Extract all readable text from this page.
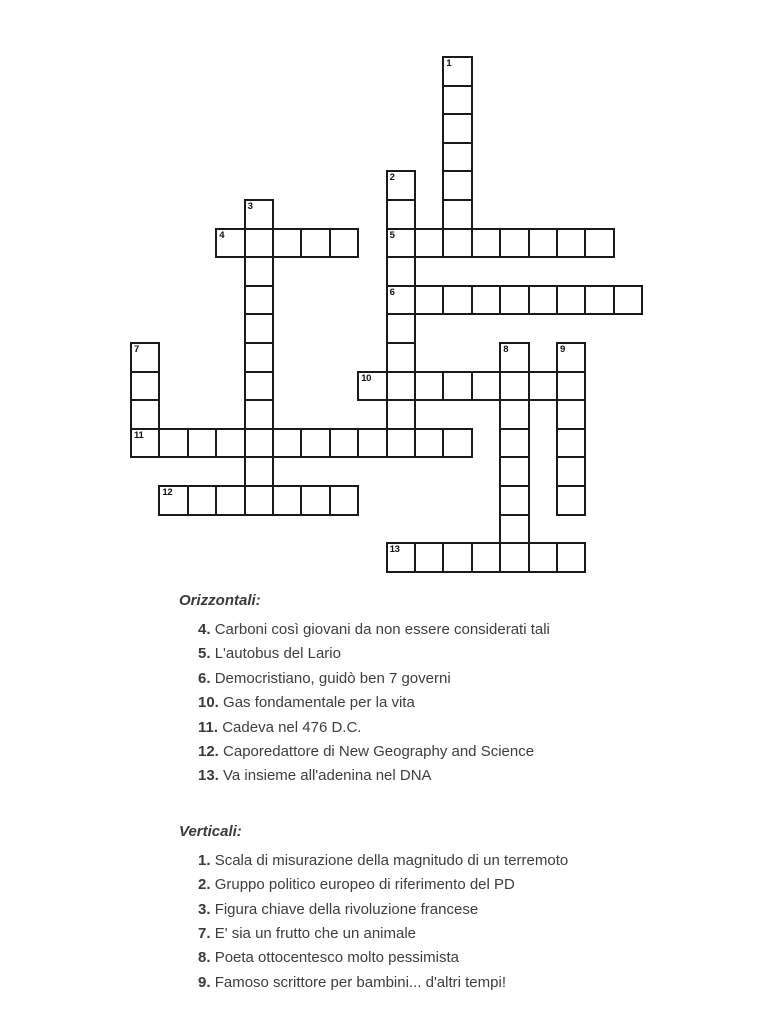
1
2
5
6
3
4
7
11
8	9
10
12
13

Orizzontali:

4. Carboni così giovani da non essere considerati tali
5. L'autobus del Lario
6. Democristiano, guidò ben 7 governi
10. Gas fondamentale per la vita
11. Cadeva nel 476 D.C.
12. Caporedattore di New Geography and Science
13. Va insieme all'adenina nel DNA

Verticali:

1. Scala di misurazione della magnitudo di un terremoto
2. Gruppo politico europeo di riferimento del PD
3. Figura chiave della rivoluzione francese
7. E' sia un frutto che un animale
8. Poeta ottocentesco molto pessimista
9. Famoso scrittore per bambini... d'altri tempi!
